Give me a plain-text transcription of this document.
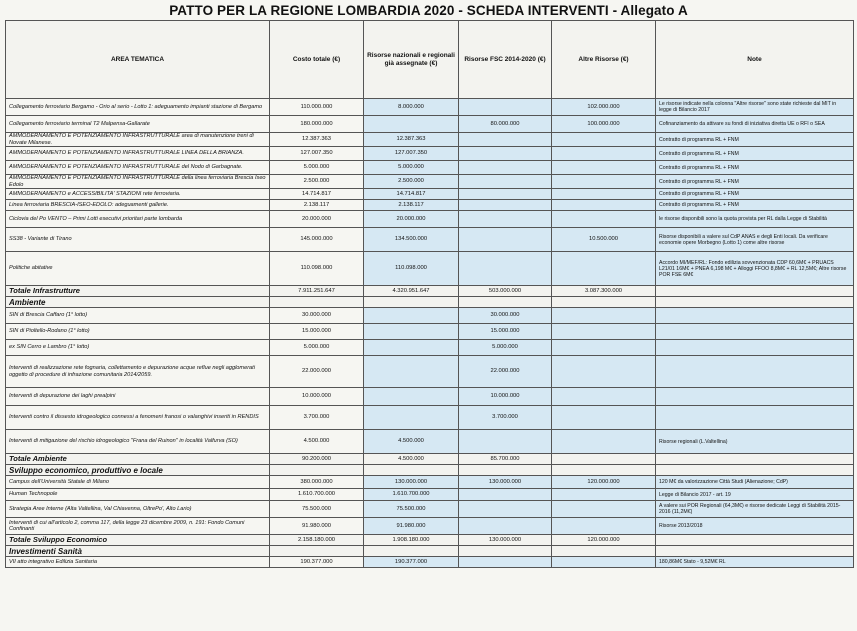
PATTO PER LA REGIONE LOMBARDIA 2020 - SCHEDA INTERVENTI - Allegato A
AREA TEMATICA	Costo totale (€)	Risorse nazionali e regionali già assegnate (€)	Risorse FSC 2014-2020 (€)	Altre Risorse (€)	Note
Collegamento ferroviario Bergamo - Orio al serio - Lotto 1: adeguamento impianti stazione di Bergamo	110.000.000	8.000.000		102.000.000	Le risorse indicate nella colonna "Altre risorse" sono state richieste dal MIT in legge di Bilancio 2017
Collegamento ferroviario terminal T2 Malpensa-Gallarate	180.000.000		80.000.000	100.000.000	Cofinanziamento da attivare su fondi di iniziativa diretta UE o RFI o SEA
AMMODERNAMENTO E POTENZIAMENTO INFRASTRUTTURALE area di manutenzione treni di Novate Milanese.	12.387.363	12.387.363			Contratto di programma RL + FNM
AMMODERNAMENTO E POTENZIAMENTO INFRASTRUTTURALE LINEA DELLA BRIANZA.	127.007.350	127.007.350			Contratto di programma RL + FNM
AMMODERNAMENTO E POTENZIAMENTO INFRASTRUTTURALE del Nodo di Garbagnate.	5.000.000	5.000.000			Contratto di programma RL + FNM
AMMODERNAMENTO E POTENZIAMENTO INFRASTRUTTURALE della linea ferroviaria Brescia Iseo Edolo	2.500.000	2.500.000			Contratto di programma RL + FNM
AMMODERNAMENTO e ACCESSIBILITA' STAZIONI rete ferroviaria.	14.714.817	14.714.817			Contratto di programma RL + FNM
Linea ferroviaria BRESCIA-ISEO-EDOLO: adeguamenti gallerie.	2.138.117	2.138.117			Contratto di programma RL + FNM
Ciclovia del Po VENTO – Primi Lotti esecutivi prioritari parte lombarda	20.000.000	20.000.000			le risorse disponibili sono la quota provista per RL dalla Legge di Stabilità
SS38 - Variante di Tirano	145.000.000	134.500.000		10.500.000	Risorse disponibili a valere sul CdP ANAS e degli Enti locali. Da verificare economie opere Morbegno (Lotto 1) come altre risorse
Politiche abitative	110.098.000	110.098.000			Accordo MI/MEF/RL: Fondo edilizia sovvenzionata CDP 60,6M€ + PRUACS L21/01 16M€ + PNEA 6,198 M€ + Alloggi FFOO 8,8M€ + RL 12,5M€; Altre risorse POR FSE 6M€
Totale Infrastrutture	7.911.251.647	4.320.951.647	503.000.000	3.087.300.000	
Ambiente					
SIN di Brescia Caffaro (1° lotto)	30.000.000		30.000.000		
SIN di Pioltello-Rodano (1° lotto)	15.000.000		15.000.000		
ex SIN Cerro e Lambro (1° lotto)	5.000.000		5.000.000		
Interventi di realizzazione rete fognaria, collettamento e depurazione acque reflue negli agglomerati oggetto di procedure di infrazione comunitaria 2014/2059.	22.000.000		22.000.000		
Interventi di depurazione dei laghi prealpini	10.000.000		10.000.000		
Interventi contro il dissesto idrogeologico connessi a fenomeni franosi o valanghivi inseriti in RENDIS	3.700.000		3.700.000		
Interventi di mitigazione del rischio idrogeologico "Frana del Ruinon" in località Valfurva (SO)	4.500.000	4.500.000			Risorse regionali (L.Valtellina)
Totale Ambiente	90.200.000	4.500.000	85.700.000		
Sviluppo economico, produttivo e locale					
Campus dell'Università Statale di Milano	380.000.000	130.000.000	130.000.000	120.000.000	120 M€ da valorizzazione Città Studi (Alienazione; CdP)
Human Technopole	1.610.700.000	1.610.700.000			Legge di Bilancio 2017 - art. 19
Strategia Aree Interne (Alta Valtellina, Val Chiavenna, OltrePo', Alto Lario)	75.500.000	75.500.000			A valere sui POR Regionali (64,3M€) e risorse dedicate Leggi di Stabilità 2015-2016 (11,2M€)
Interventi di cui all'articolo 2, comma 117, della legge 23 dicembre 2009, n. 191: Fondo Comuni Confinanti	91.980.000	91.980.000			Risorse 2013/2018
Totale Sviluppo Economico	2.158.180.000	1.908.180.000	130.000.000	120.000.000	
Investimenti Sanità					
VII atto integrativo Edilizia Sanitaria	190.377.000	190.377.000			180,86M€ Stato - 9,52M€ RL
